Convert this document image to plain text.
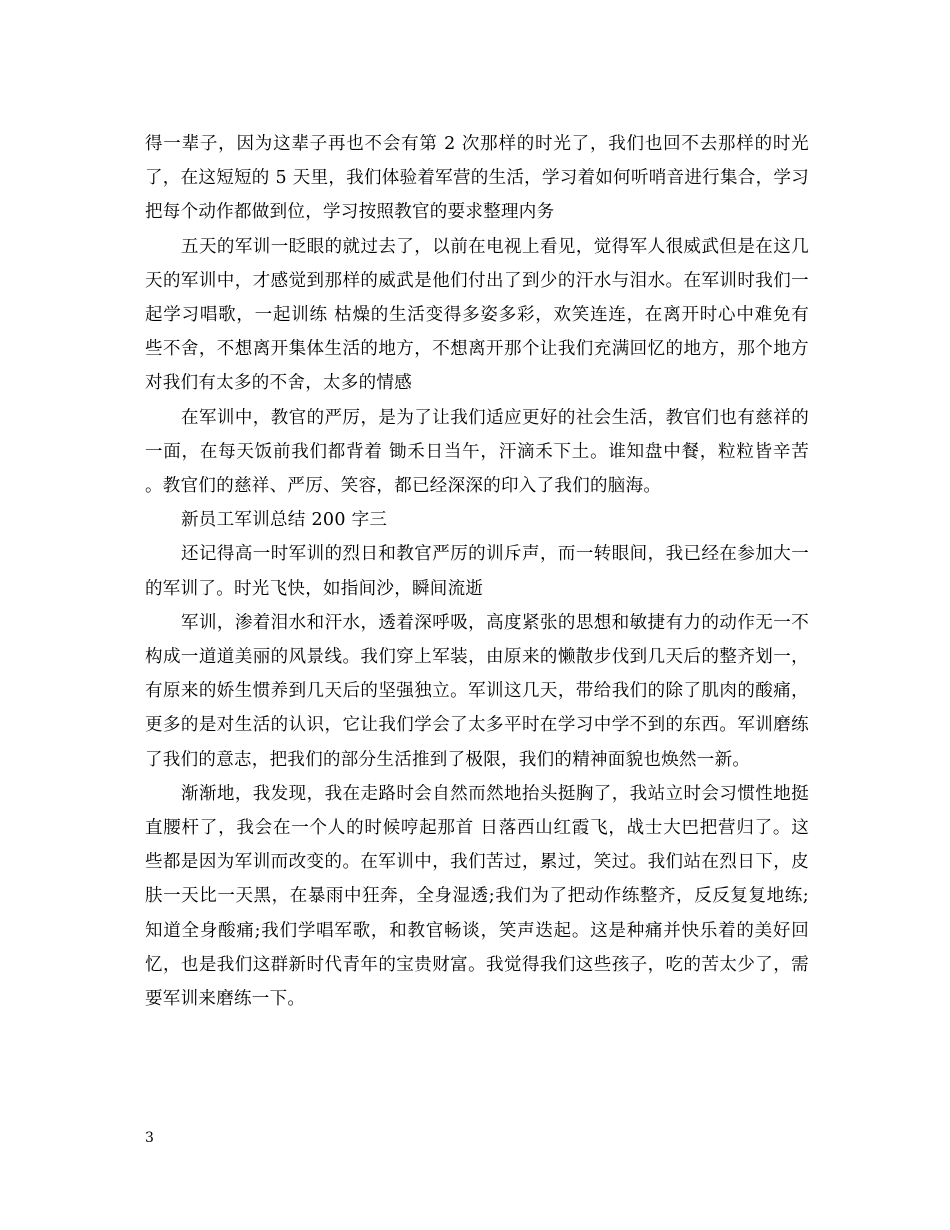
得一辈子，因为这辈子再也不会有第 2 次那样的时光了，我们也回不去那样的时光了，在这短短的 5 天里，我们体验着军营的生活，学习着如何听哨音进行集合，学习把每个动作都做到位，学习按照教官的要求整理内务

五天的军训一眨眼的就过去了，以前在电视上看见，觉得军人很威武但是在这几天的军训中，才感觉到那样的威武是他们付出了到少的汗水与泪水。在军训时我们一起学习唱歌，一起训练 枯燥的生活变得多姿多彩，欢笑连连，在离开时心中难免有些不舍，不想离开集体生活的地方，不想离开那个让我们充满回忆的地方，那个地方对我们有太多的不舍，太多的情感

在军训中，教官的严厉，是为了让我们适应更好的社会生活，教官们也有慈祥的一面，在每天饭前我们都背着 锄禾日当午，汗滴禾下土。谁知盘中餐，粒粒皆辛苦 。教官们的慈祥、严厉、笑容，都已经深深的印入了我们的脑海。

新员工军训总结 200 字三

还记得高一时军训的烈日和教官严厉的训斥声，而一转眼间，我已经在参加大一的军训了。时光飞快，如指间沙，瞬间流逝

军训，渗着泪水和汗水，透着深呼吸，高度紧张的思想和敏捷有力的动作无一不构成一道道美丽的风景线。我们穿上军装，由原来的懒散步伐到几天后的整齐划一，有原来的娇生惯养到几天后的坚强独立。军训这几天，带给我们的除了肌肉的酸痛，更多的是对生活的认识，它让我们学会了太多平时在学习中学不到的东西。军训磨练了我们的意志，把我们的部分生活推到了极限，我们的精神面貌也焕然一新。

渐渐地，我发现，我在走路时会自然而然地抬头挺胸了，我站立时会习惯性地挺直腰杆了，我会在一个人的时候哼起那首 日落西山红霞飞，战士大巴把营归了。这些都是因为军训而改变的。在军训中，我们苦过，累过，笑过。我们站在烈日下，皮肤一天比一天黑，在暴雨中狂奔，全身湿透;我们为了把动作练整齐，反反复复地练;知道全身酸痛;我们学唱军歌，和教官畅谈，笑声迭起。这是种痛并快乐着的美好回忆，也是我们这群新时代青年的宝贵财富。我觉得我们这些孩子，吃的苦太少了，需要军训来磨练一下。

3
